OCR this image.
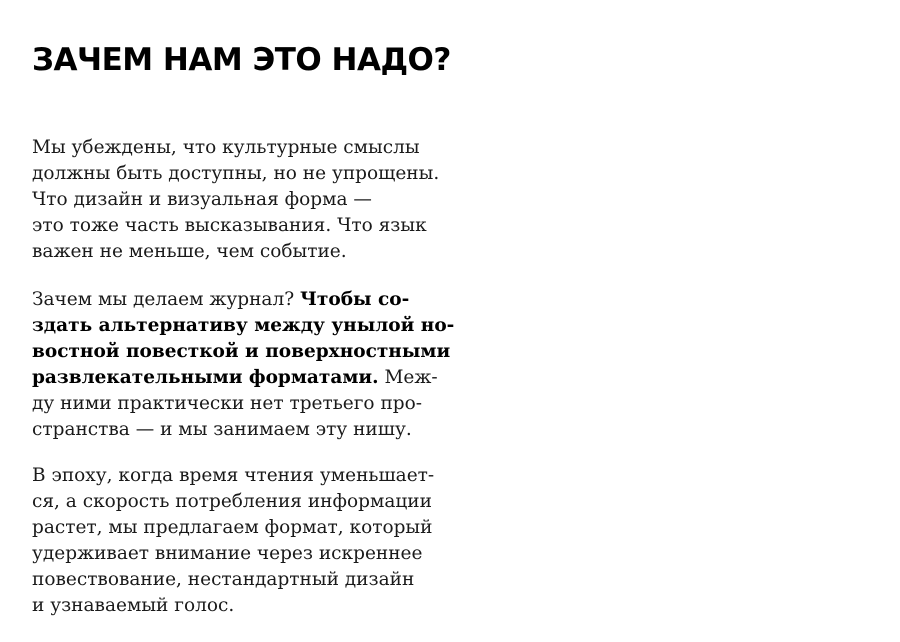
ЗАЧЕМ НАМ ЭТО НАДО?

Мы убеждены, что культурные смыслы
должны быть доступны, но не упрощены.
Что дизайн и визуальная форма —
это тоже часть высказывания. Что язык
важен не меньше, чем событие.

Зачем мы делаем журнал? Чтобы со-
здать альтернативу между унылой но-
востной повесткой и поверхностными
развлекательными форматами. Меж-
ду ними практически нет третьего про-
странства — и мы занимаем эту нишу.

В эпоху, когда время чтения уменьшает-
ся, а скорость потребления информации
растет, мы предлагаем формат, который
удерживает внимание через искреннее
повествование, нестандартный дизайн
и узнаваемый голос.
